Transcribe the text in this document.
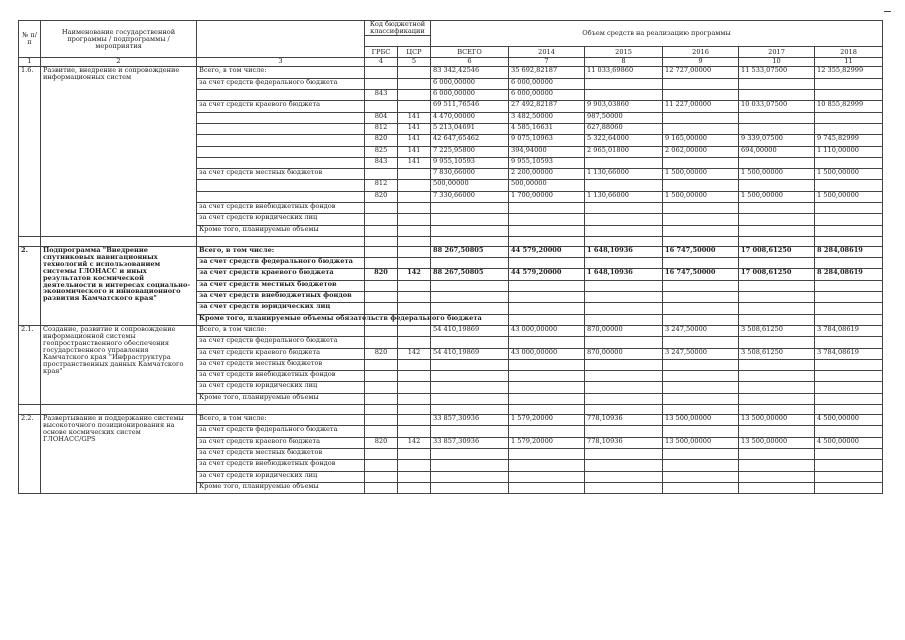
№ п/п	Наименование государственной программы / подпрограммы / мероприятия		Код бюджетной классификации		Объем средств на реализацию программы					

			ГРБС	ЦСР	ВСЕГО	2014	2015	2016	2017	2018
1	2	3	4	5	6	7	8	9	10	11
1.6.	Развитие, внедрение и сопровождение информационных систем	Всего, в том числе:			83 342,42546	35 692,82187	11 033,69860	12 727,00000	11 533,07500	12 355,82999
		за счет средств федерального бюджета			6 000,00000	6 000,00000				
			843		6 000,00000	6 000,00000				
		за счет средств краевого бюджета			69 511,76546	27 492,82187	9 903,03860	11 227,00000	10 033,07500	10 855,82999
			804	141	4 470,00000	3 482,50000	987,50000			
			812	141	5 213,04691	4 585,16631	627,88060			
			820	141	42 647,65462	9 075,10963	5 322,64000	9 165,00000	9 339,07500	9 745,82999
			825	141	7 225,95800	394,94000	2 965,01800	2 062,00000	694,00000	1 110,00000
			843	141	9 955,10593	9 955,10593				
		за счет средств местных бюджетов			7 830,66000	2 200,00000	1 130,66000	1 500,00000	1 500,00000	1 500,00000
			812		500,00000	500,00000				
			820		7 330,66000	1 700,00000	1 130,66000	1 500,00000	1 500,00000	1 500,00000
		за счет средств внебюджетных фондов								
		за счет средств юридических лиц								
		Кроме того, планируемые объемы								

2.	Подпрограмма "Внедрение спутниковых навигационных технологий с использованием системы ГЛОНАСС и иных результатов космической деятельности в интересах социально-экономического и инновационного развития Камчатского края"	Всего, в том числе:			88 267,50805	44 579,20000	1 648,10936	16 747,50000	17 008,61250	8 284,08619
		за счет средств федерального бюджета								
		за счет средств краевого бюджета	820	142	88 267,50805	44 579,20000	1 648,10936	16 747,50000	17 008,61250	8 284,08619
		за счет средств местных бюджетов								
		за счет средств внебюджетных фондов								
		за счет средств юридических лиц								
		Кроме того, планируемые объемы обязательств федерального бюджета								
2.1.	Создание, развитие и сопровождение информационной системы геопространственного обеспечения государственного управления Камчатского края "Инфраструктура пространственных данных Камчатского края"	Всего, в том числе:			54 410,19869	43 000,00000	870,00000	3 247,50000	3 508,61250	3 784,08619
		за счет средств федерального бюджета								
		за счет средств краевого бюджета	820	142	54 410,19869	43 000,00000	870,00000	3 247,50000	3 508,61250	3 784,08619
		за счет средств местных бюджетов								
		за счет средств внебюджетных фондов								
		за счет средств юридических лиц								
		Кроме того, планируемые объемы								

2.2.	Развертывание и поддержание системы высокоточного позиционирования на основе космических систем ГЛОНАСС/GPS	Всего, в том числе:			33 857,30936	1 579,20000	778,10936	13 500,00000	13 500,00000	4 500,00000
		за счет средств федерального бюджета								
		за счет средств краевого бюджета	820	142	33 857,30936	1 579,20000	778,10936	13 500,00000	13 500,00000	4 500,00000
		за счет средств местных бюджетов								
		за счет средств внебюджетных фондов								
		за счет средств юридических лиц								
		Кроме того, планируемые объемы								
